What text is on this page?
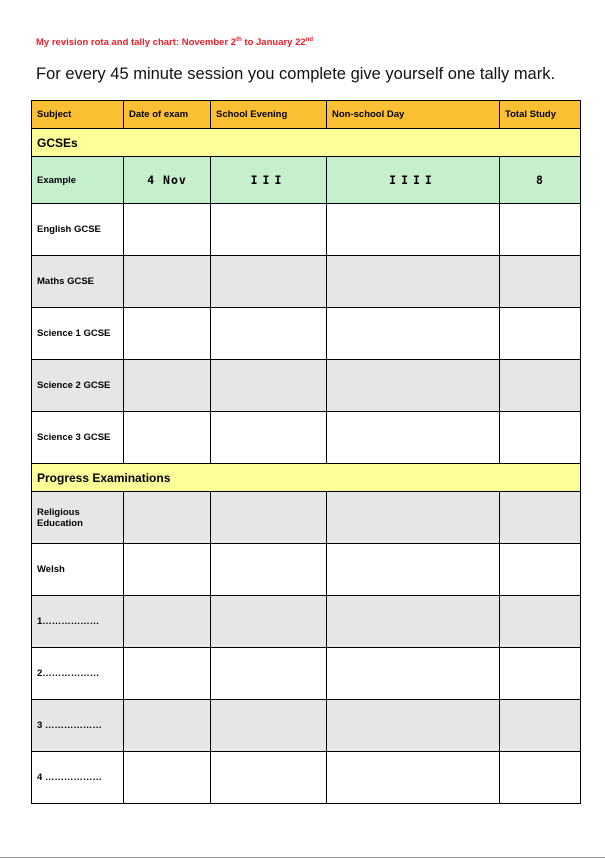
My revision rota and tally chart: November 2th to January 22nd
For every 45 minute session you complete give yourself one tally mark.
Subject	Date of exam	School Evening	Non-school Day	Total Study
GCSEs				
Example	4 Nov	III	IIII	8
English GCSE				
Maths GCSE				
Science 1 GCSE				
Science 2 GCSE				
Science 3 GCSE				
Progress Examinations				
Religious Education				
Welsh				
1………………				
2………………				
3 ………………				
4 ………………				
